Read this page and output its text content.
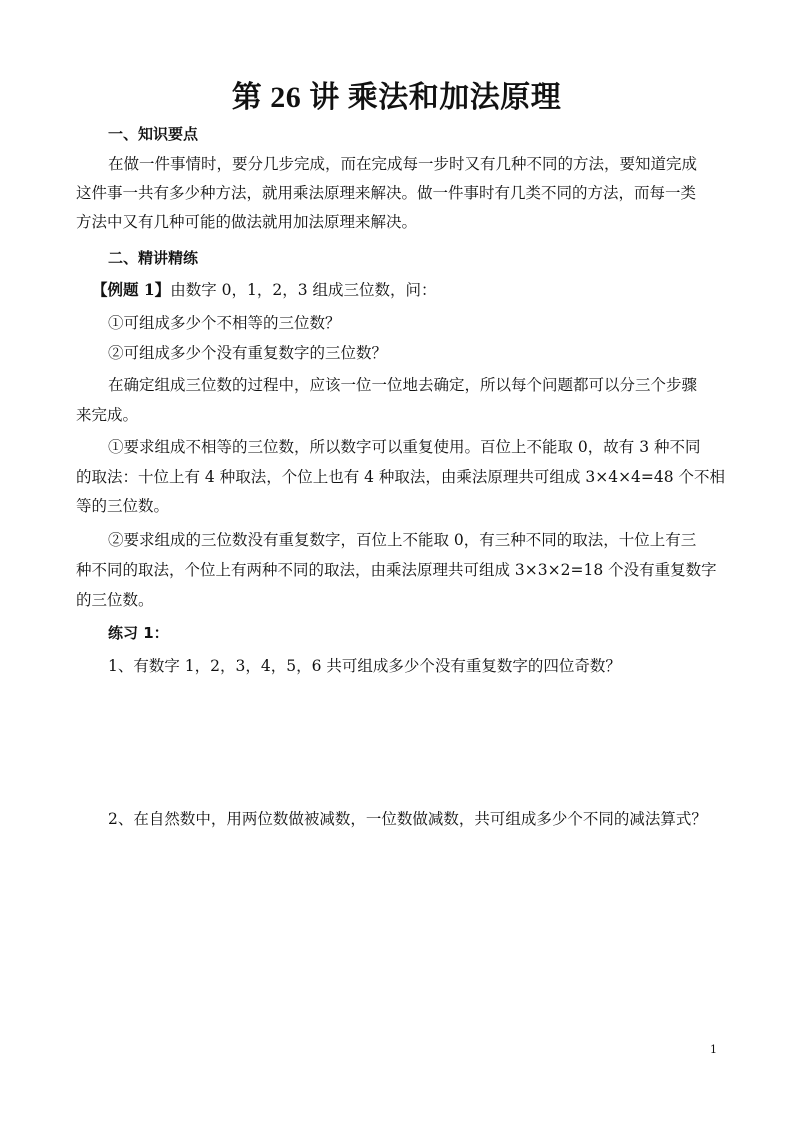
第 26 讲 乘法和加法原理
一、知识要点
在做一件事情时，要分几步完成，而在完成每一步时又有几种不同的方法，要知道完成
这件事一共有多少种方法，就用乘法原理来解决。做一件事时有几类不同的方法，而每一类
方法中又有几种可能的做法就用加法原理来解决。
二、精讲精练
【例题 1】由数字 0，1，2，3 组成三位数，问：
①可组成多少个不相等的三位数？
②可组成多少个没有重复数字的三位数？
在确定组成三位数的过程中，应该一位一位地去确定，所以每个问题都可以分三个步骤
来完成。
①要求组成不相等的三位数，所以数字可以重复使用。百位上不能取 0，故有 3 种不同
的取法：十位上有 4 种取法，个位上也有 4 种取法，由乘法原理共可组成 3×4×4=48 个不相
等的三位数。
②要求组成的三位数没有重复数字，百位上不能取 0，有三种不同的取法，十位上有三
种不同的取法，个位上有两种不同的取法，由乘法原理共可组成 3×3×2=18 个没有重复数字
的三位数。
练习 1：
1、有数字 1，2，3，4，5，6 共可组成多少个没有重复数字的四位奇数？
2、在自然数中，用两位数做被减数，一位数做减数，共可组成多少个不同的减法算式？
1
